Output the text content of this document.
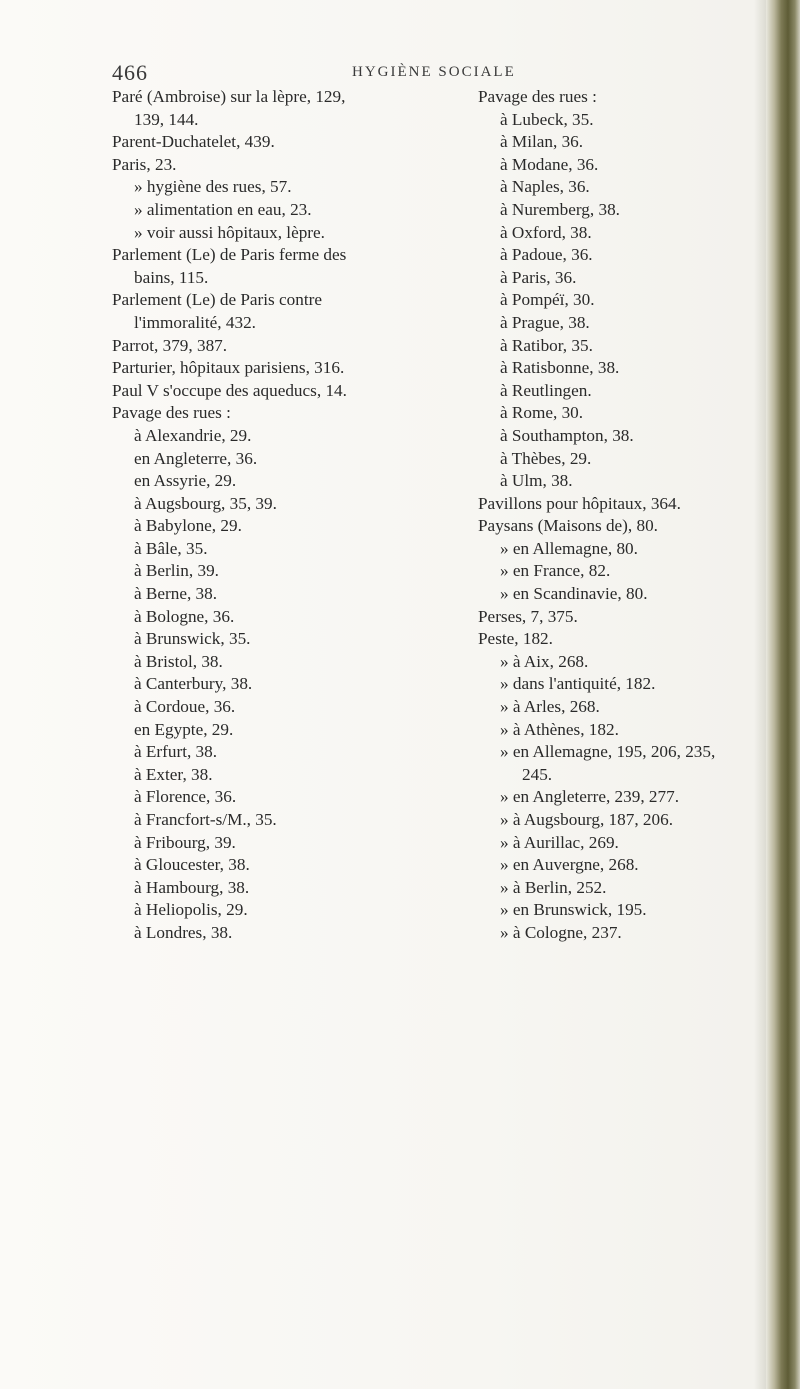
466	HYGIÈNE SOCIALE
Paré (Ambroise) sur la lèpre, 129,
139, 144.
Parent-Duchatelet, 439.
Paris, 23.
» hygiène des rues, 57.
» alimentation en eau, 23.
» voir aussi hôpitaux, lèpre.
Parlement (Le) de Paris ferme des
bains, 115.
Parlement (Le) de Paris contre
l'immoralité, 432.
Parrot, 379, 387.
Parturier, hôpitaux parisiens, 316.
Paul V s'occupe des aqueducs, 14.
Pavage des rues :
à Alexandrie, 29.
en Angleterre, 36.
en Assyrie, 29.
à Augsbourg, 35, 39.
à Babylone, 29.
à Bâle, 35.
à Berlin, 39.
à Berne, 38.
à Bologne, 36.
à Brunswick, 35.
à Bristol, 38.
à Canterbury, 38.
à Cordoue, 36.
en Egypte, 29.
à Erfurt, 38.
à Exter, 38.
à Florence, 36.
à Francfort-s/M., 35.
à Fribourg, 39.
à Gloucester, 38.
à Hambourg, 38.
à Heliopolis, 29.
à Londres, 38.
Pavage des rues :
à Lubeck, 35.
à Milan, 36.
à Modane, 36.
à Naples, 36.
à Nuremberg, 38.
à Oxford, 38.
à Padoue, 36.
à Paris, 36.
à Pompéï, 30.
à Prague, 38.
à Ratibor, 35.
à Ratisbonne, 38.
à Reutlingen.
à Rome, 30.
à Southampton, 38.
à Thèbes, 29.
à Ulm, 38.
Pavillons pour hôpitaux, 364.
Paysans (Maisons de), 80.
» en Allemagne, 80.
» en France, 82.
» en Scandinavie, 80.
Perses, 7, 375.
Peste, 182.
» à Aix, 268.
» dans l'antiquité, 182.
» à Arles, 268.
» à Athènes, 182.
» en Allemagne, 195, 206, 235,
245.
» en Angleterre, 239, 277.
» à Augsbourg, 187, 206.
» à Aurillac, 269.
» en Auvergne, 268.
» à Berlin, 252.
» en Brunswick, 195.
» à Cologne, 237.
